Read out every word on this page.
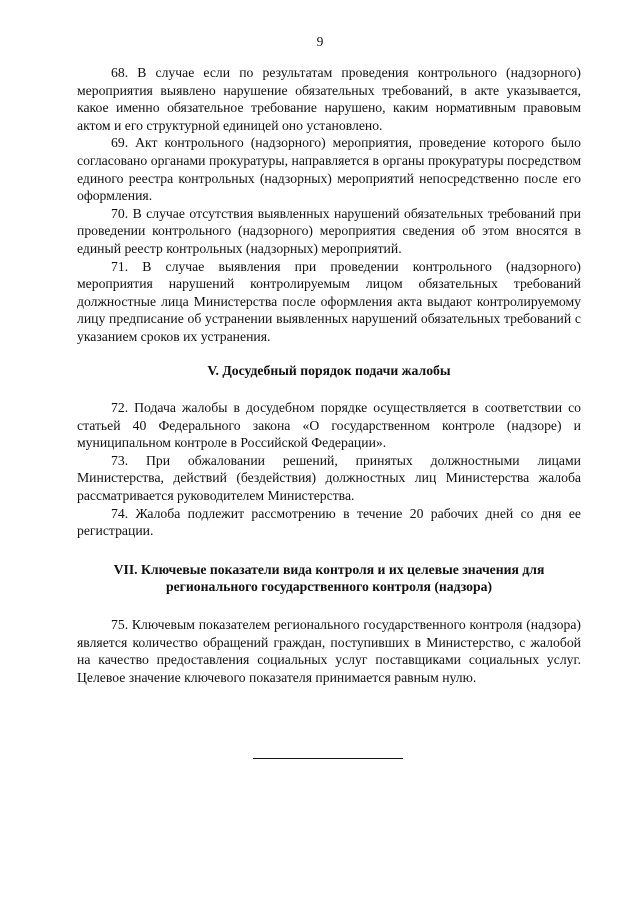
9

68. В случае если по результатам проведения контрольного (надзорного) мероприятия выявлено нарушение обязательных требований, в акте указывается, какое именно обязательное требование нарушено, каким нормативным правовым актом и его структурной единицей оно установлено.

69. Акт контрольного (надзорного) мероприятия, проведение которого было согласовано органами прокуратуры, направляется в органы прокуратуры посредством единого реестра контрольных (надзорных) мероприятий непосредственно после его оформления.

70. В случае отсутствия выявленных нарушений обязательных требований при проведении контрольного (надзорного) мероприятия сведения об этом вносятся в единый реестр контрольных (надзорных) мероприятий.

71. В случае выявления при проведении контрольного (надзорного) мероприятия нарушений контролируемым лицом обязательных требований должностные лица Министерства после оформления акта выдают контролируемому лицу предписание об устранении выявленных нарушений обязательных требований с указанием сроков их устранения.

V. Досудебный порядок подачи жалобы

72. Подача жалобы в досудебном порядке осуществляется в соответствии со статьей 40 Федерального закона «О государственном контроле (надзоре) и муниципальном контроле в Российской Федерации».

73. При обжаловании решений, принятых должностными лицами Министерства, действий (бездействия) должностных лиц Министерства жалоба рассматривается руководителем Министерства.

74. Жалоба подлежит рассмотрению в течение 20 рабочих дней со дня ее регистрации.

VII. Ключевые показатели вида контроля и их целевые значения для

регионального государственного контроля (надзора)

75. Ключевым показателем регионального государственного контроля (надзора) является количество обращений граждан, поступивших в Министерство, с жалобой на качество предоставления социальных услуг поставщиками социальных услуг. Целевое значение ключевого показателя принимается равным нулю.
